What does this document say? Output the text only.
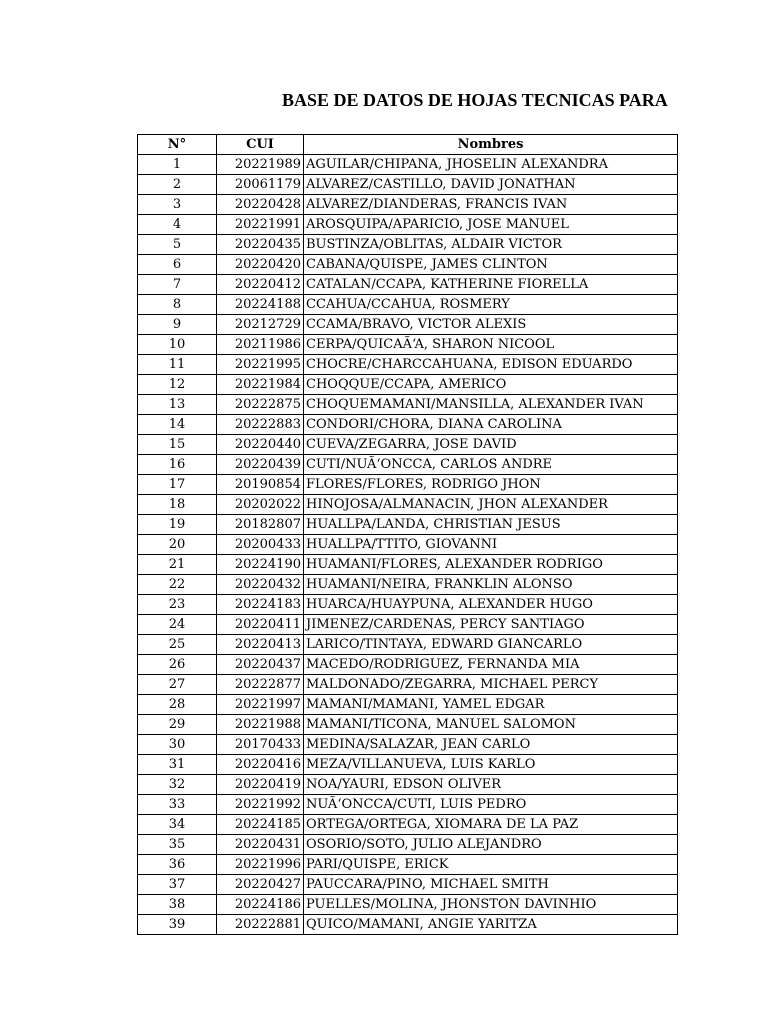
BASE DE DATOS DE HOJAS TECNICAS PARA
N°	CUI	Nombres
1	20221989	AGUILAR/CHIPANA, JHOSELIN ALEXANDRA
2	20061179	ALVAREZ/CASTILLO, DAVID JONATHAN
3	20220428	ALVAREZ/DIANDERAS, FRANCIS IVAN
4	20221991	AROSQUIPA/APARICIO, JOSE MANUEL
5	20220435	BUSTINZA/OBLITAS, ALDAIR VICTOR
6	20220420	CABANA/QUISPE, JAMES CLINTON
7	20220412	CATALAN/CCAPA, KATHERINE FIORELLA
8	20224188	CCAHUA/CCAHUA, ROSMERY
9	20212729	CCAMA/BRAVO, VICTOR ALEXIS
10	20211986	CERPA/QUICAÃ‘A, SHARON NICOOL
11	20221995	CHOCRE/CHARCCAHUANA, EDISON EDUARDO
12	20221984	CHOQQUE/CCAPA, AMERICO
13	20222875	CHOQUEMAMANI/MANSILLA, ALEXANDER IVAN
14	20222883	CONDORI/CHORA, DIANA CAROLINA
15	20220440	CUEVA/ZEGARRA, JOSE DAVID
16	20220439	CUTI/NUÃ‘ONCCA, CARLOS ANDRE
17	20190854	FLORES/FLORES, RODRIGO JHON
18	20202022	HINOJOSA/ALMANACIN, JHON ALEXANDER
19	20182807	HUALLPA/LANDA, CHRISTIAN JESUS
20	20200433	HUALLPA/TTITO, GIOVANNI
21	20224190	HUAMANI/FLORES, ALEXANDER RODRIGO
22	20220432	HUAMANI/NEIRA, FRANKLIN ALONSO
23	20224183	HUARCA/HUAYPUNA, ALEXANDER HUGO
24	20220411	JIMENEZ/CARDENAS, PERCY SANTIAGO
25	20220413	LARICO/TINTAYA, EDWARD GIANCARLO
26	20220437	MACEDO/RODRIGUEZ, FERNANDA MIA
27	20222877	MALDONADO/ZEGARRA, MICHAEL PERCY
28	20221997	MAMANI/MAMANI, YAMEL EDGAR
29	20221988	MAMANI/TICONA, MANUEL SALOMON
30	20170433	MEDINA/SALAZAR, JEAN CARLO
31	20220416	MEZA/VILLANUEVA, LUIS KARLO
32	20220419	NOA/YAURI, EDSON OLIVER
33	20221992	NUÃ‘ONCCA/CUTI, LUIS PEDRO
34	20224185	ORTEGA/ORTEGA, XIOMARA DE LA PAZ
35	20220431	OSORIO/SOTO, JULIO ALEJANDRO
36	20221996	PARI/QUISPE, ERICK
37	20220427	PAUCCARA/PINO, MICHAEL SMITH
38	20224186	PUELLES/MOLINA, JHONSTON DAVINHIO
39	20222881	QUICO/MAMANI, ANGIE YARITZA
